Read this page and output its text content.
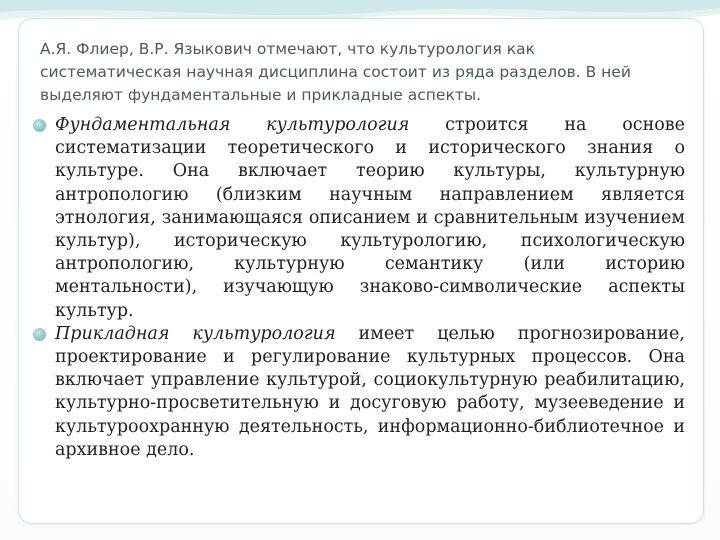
А.Я. Флиер, В.Р. Языкович отмечают, что культурология как систематическая научная дисциплина состоит из ряда разделов. В ней выделяют фундаментальные и прикладные аспекты.

Фундаментальная культурология строится на основе систематизации теоретического и исторического знания о культуре. Она включает теорию культуры, культурную антропологию (близким научным направлением является этнология, занимающаяся описанием и сравнительным изучением культур), историческую культурологию, психологическую антропологию, культурную семантику (или историю ментальности), изучающую знаково-символические аспекты культур.

Прикладная культурология имеет целью прогнозирование, проектирование и регулирование культурных процессов. Она включает управление культурой, социокультурную реабилитацию, культурно-просветительную и досуговую работу, музееведение и культуроохранную деятельность, информационно-библиотечное и архивное дело.
